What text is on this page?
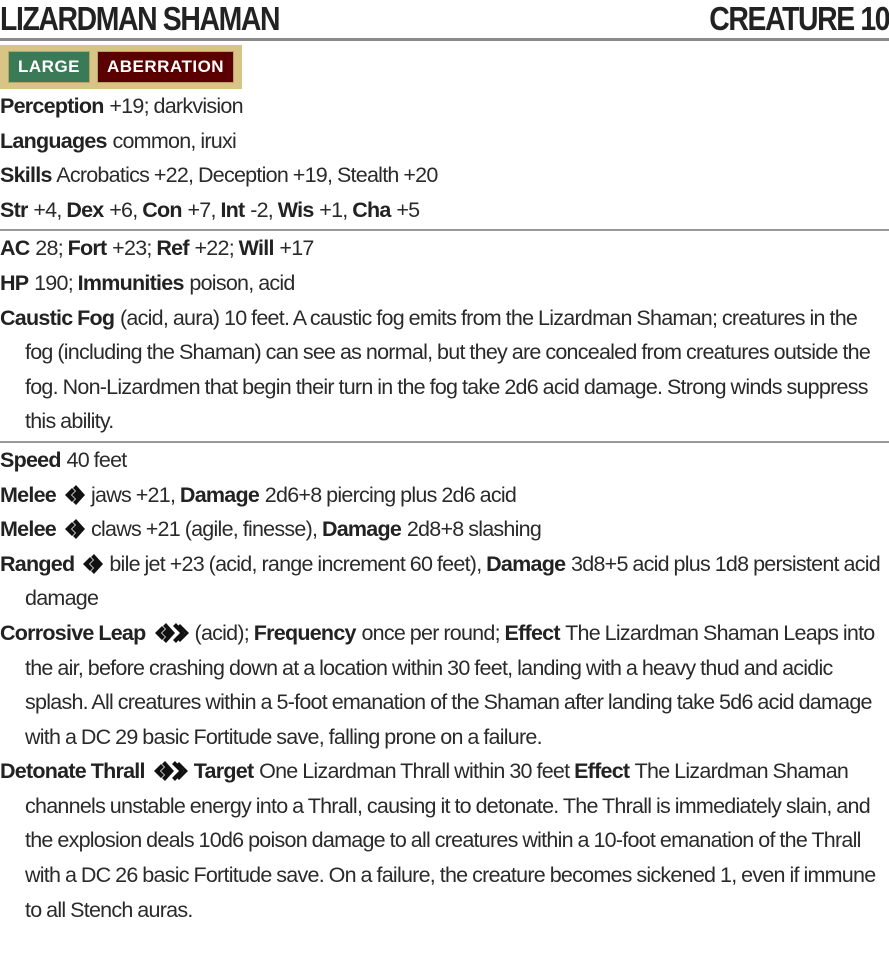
LIZARDMAN SHAMAN	CREATURE 10
LARGE	ABERRATION
Perception +19; darkvision
Languages common, iruxi
Skills Acrobatics +22, Deception +19, Stealth +20
Str +4, Dex +6, Con +7, Int -2, Wis +1, Cha +5
AC 28; Fort +23; Ref +22; Will +17
HP 190; Immunities poison, acid
Caustic Fog (acid, aura) 10 feet. A caustic fog emits from the Lizardman Shaman; creatures in the fog (including the Shaman) can see as normal, but they are concealed from creatures outside the fog. Non-Lizardmen that begin their turn in the fog take 2d6 acid damage. Strong winds suppress this ability.
Speed 40 feet
Melee jaws +21, Damage 2d6+8 piercing plus 2d6 acid
Melee claws +21 (agile, finesse), Damage 2d8+8 slashing
Ranged bile jet +23 (acid, range increment 60 feet), Damage 3d8+5 acid plus 1d8 persistent acid damage
Corrosive Leap (acid); Frequency once per round; Effect The Lizardman Shaman Leaps into the air, before crashing down at a location within 30 feet, landing with a heavy thud and acidic splash. All creatures within a 5-foot emanation of the Shaman after landing take 5d6 acid damage with a DC 29 basic Fortitude save, falling prone on a failure.
Detonate Thrall Target One Lizardman Thrall within 30 feet Effect The Lizardman Shaman channels unstable energy into a Thrall, causing it to detonate. The Thrall is immediately slain, and the explosion deals 10d6 poison damage to all creatures within a 10-foot emanation of the Thrall with a DC 26 basic Fortitude save. On a failure, the creature becomes sickened 1, even if immune to all Stench auras.
